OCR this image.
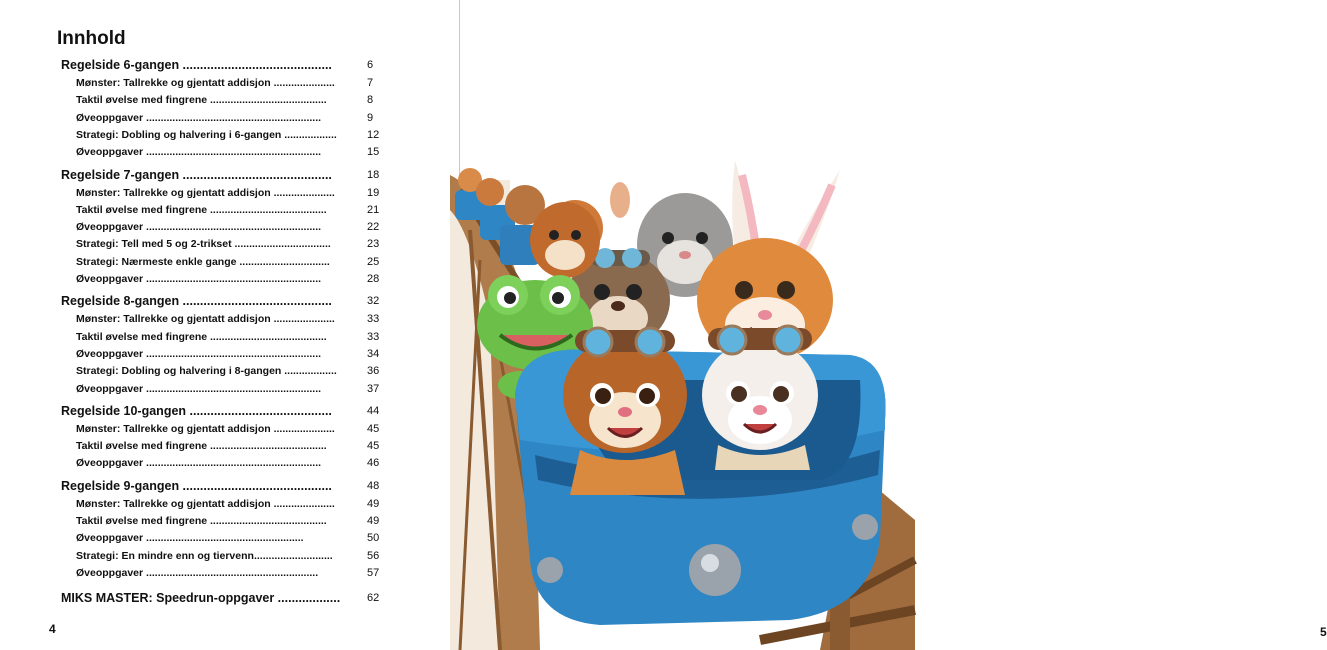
Innhold
Regelside 6-gangen ...........................................	6
Mønster: Tallrekke og gjentatt addisjon .....................	7
Taktil øvelse med fingrene ........................................	8
Øveoppgaver ............................................................	9
Strategi: Dobling og halvering i 6-gangen ..................	12
Øveoppgaver ............................................................	15
Regelside 7-gangen ...........................................	18
Mønster: Tallrekke og gjentatt addisjon .....................	19
Taktil øvelse med fingrene ........................................	21
Øveoppgaver ............................................................	22
Strategi: Tell med 5 og 2-trikset .................................	23
Strategi: Nærmeste enkle gange ...............................	25
Øveoppgaver ............................................................	28
Regelside 8-gangen ...........................................	32
Mønster: Tallrekke og gjentatt addisjon .....................	33
Taktil øvelse med fingrene ........................................	33
Øveoppgaver ............................................................	34
Strategi: Dobling og halvering i 8-gangen ..................	36
Øveoppgaver ............................................................	37
Regelside 10-gangen .........................................	44
Mønster: Tallrekke og gjentatt addisjon .....................	45
Taktil øvelse med fingrene ........................................	45
Øveoppgaver ............................................................	46
Regelside 9-gangen ...........................................	48
Mønster: Tallrekke og gjentatt addisjon .....................	49
Taktil øvelse med fingrene ........................................	49
Øveoppgaver ......................................................	50
Strategi: En mindre enn og tiervenn...........................	56
Øveoppgaver ...........................................................	57
MIKS MASTER: Speedrun-oppgaver ..................	62
4	5
